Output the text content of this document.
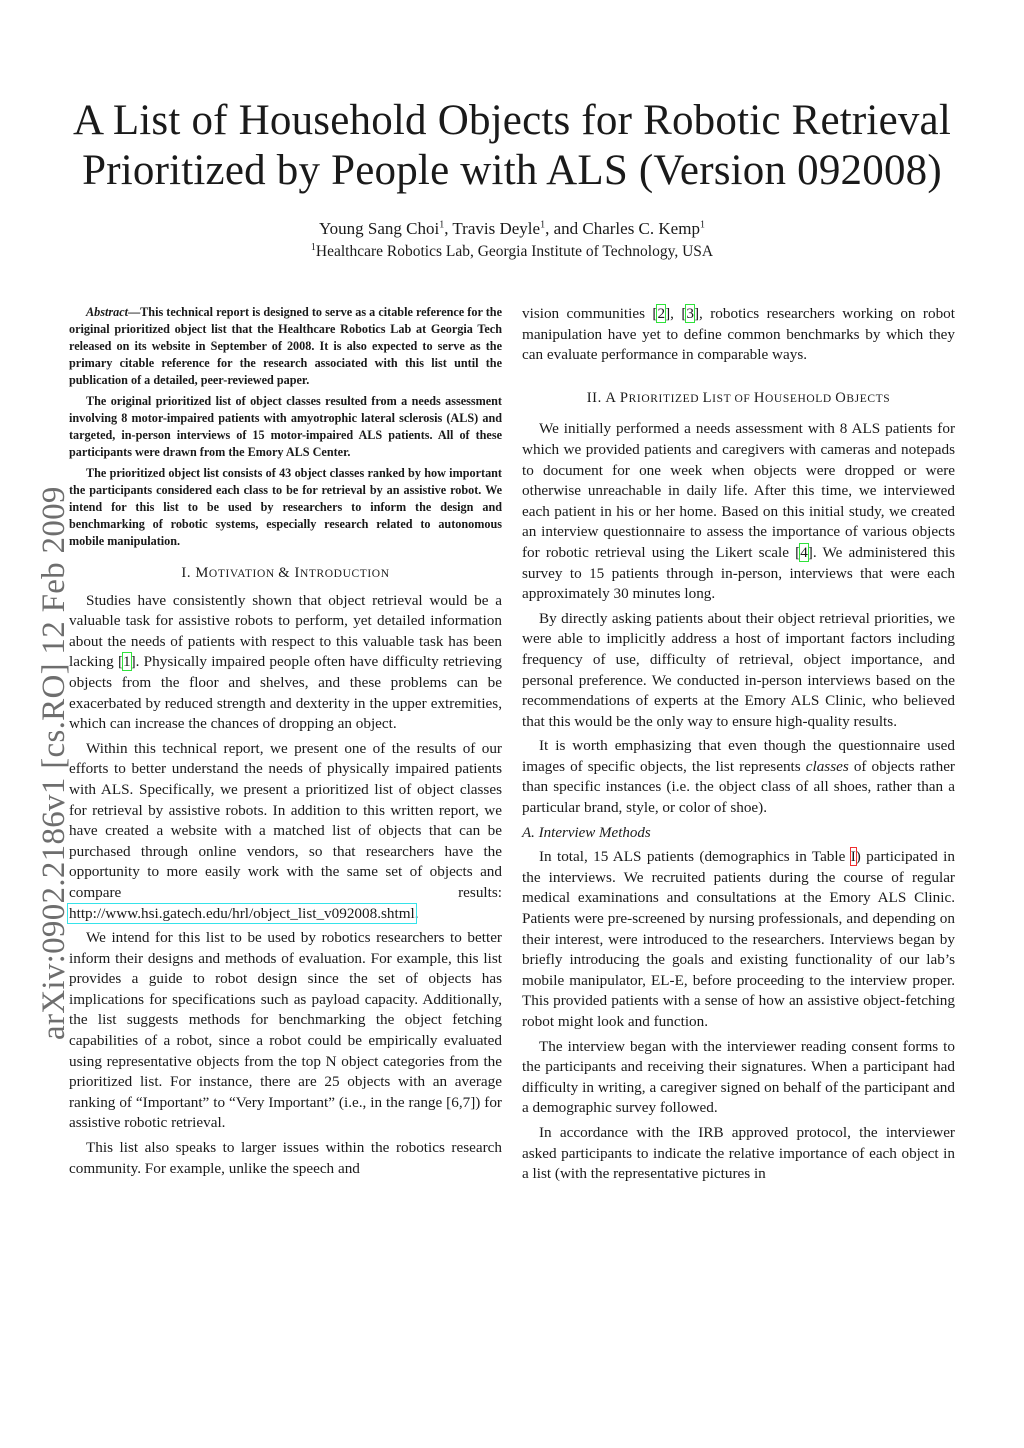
A List of Household Objects for Robotic Retrieval
Prioritized by People with ALS (Version 092008)
Young Sang Choi$^1$, Travis Deyle$^1$, and Charles C. Kemp$^1$
$^1$Healthcare Robotics Lab, Georgia Institute of Technology, USA
arXiv:0902.2186v1 [cs.RO] 12 Feb 2009

Abstract—This technical report is designed to serve as a citable reference for the original prioritized object list that the Healthcare Robotics Lab at Georgia Tech released on its website in September of 2008. It is also expected to serve as the primary citable reference for the research associated with this list until the publication of a detailed, peer-reviewed paper.

The original prioritized list of object classes resulted from a needs assessment involving 8 motor-impaired patients with amyotrophic lateral sclerosis (ALS) and targeted, in-person interviews of 15 motor-impaired ALS patients. All of these participants were drawn from the Emory ALS Center.

The prioritized object list consists of 43 object classes ranked by how important the participants considered each class to be for retrieval by an assistive robot. We intend for this list to be used by researchers to inform the design and benchmarking of robotic systems, especially research related to autonomous mobile manipulation.

I. MOTIVATION & INTRODUCTION

Studies have consistently shown that object retrieval would be a valuable task for assistive robots to perform, yet detailed information about the needs of patients with respect to this valuable task has been lacking [1]. Physically impaired people often have difficulty retrieving objects from the floor and shelves, and these problems can be exacerbated by reduced strength and dexterity in the upper extremities, which can increase the chances of dropping an object.

Within this technical report, we present one of the results of our efforts to better understand the needs of physically impaired patients with ALS. Specifically, we present a prioritized list of object classes for retrieval by assistive robots. In addition to this written report, we have created a website with a matched list of objects that can be purchased through online vendors, so that researchers have the opportunity to more easily work with the same set of objects and compare results: http://www.hsi.gatech.edu/hrl/object_list_v092008.shtml.

We intend for this list to be used by robotics researchers to better inform their designs and methods of evaluation. For example, this list provides a guide to robot design since the set of objects has implications for specifications such as payload capacity. Additionally, the list suggests methods for benchmarking the object fetching capabilities of a robot, since a robot could be empirically evaluated using representative objects from the top N object categories from the prioritized list. For instance, there are 25 objects with an average ranking of “Important” to “Very Important” (i.e., in the range [6,7]) for assistive robotic retrieval.

This list also speaks to larger issues within the robotics research community. For example, unlike the speech and

vision communities [2], [3], robotics researchers working on robot manipulation have yet to define common benchmarks by which they can evaluate performance in comparable ways.

II. A PRIORITIZED LIST OF HOUSEHOLD OBJECTS

We initially performed a needs assessment with 8 ALS patients for which we provided patients and caregivers with cameras and notepads to document for one week when objects were dropped or were otherwise unreachable in daily life. After this time, we interviewed each patient in his or her home. Based on this initial study, we created an interview questionnaire to assess the importance of various objects for robotic retrieval using the Likert scale [4]. We administered this survey to 15 patients through in-person, interviews that were each approximately 30 minutes long.

By directly asking patients about their object retrieval priorities, we were able to implicitly address a host of important factors including frequency of use, difficulty of retrieval, object importance, and personal preference. We conducted in-person interviews based on the recommendations of experts at the Emory ALS Clinic, who believed that this would be the only way to ensure high-quality results.

It is worth emphasizing that even though the questionnaire used images of specific objects, the list represents classes of objects rather than specific instances (i.e. the object class of all shoes, rather than a particular brand, style, or color of shoe).

A. Interview Methods

In total, 15 ALS patients (demographics in Table I) participated in the interviews. We recruited patients during the course of regular medical examinations and consultations at the Emory ALS Clinic. Patients were pre-screened by nursing professionals, and depending on their interest, were introduced to the researchers. Interviews began by briefly introducing the goals and existing functionality of our lab’s mobile manipulator, EL-E, before proceeding to the interview proper. This provided patients with a sense of how an assistive object-fetching robot might look and function.

The interview began with the interviewer reading consent forms to the participants and receiving their signatures. When a participant had difficulty in writing, a caregiver signed on behalf of the participant and a demographic survey followed.

In accordance with the IRB approved protocol, the interviewer asked participants to indicate the relative importance of each object in a list (with the representative pictures in
